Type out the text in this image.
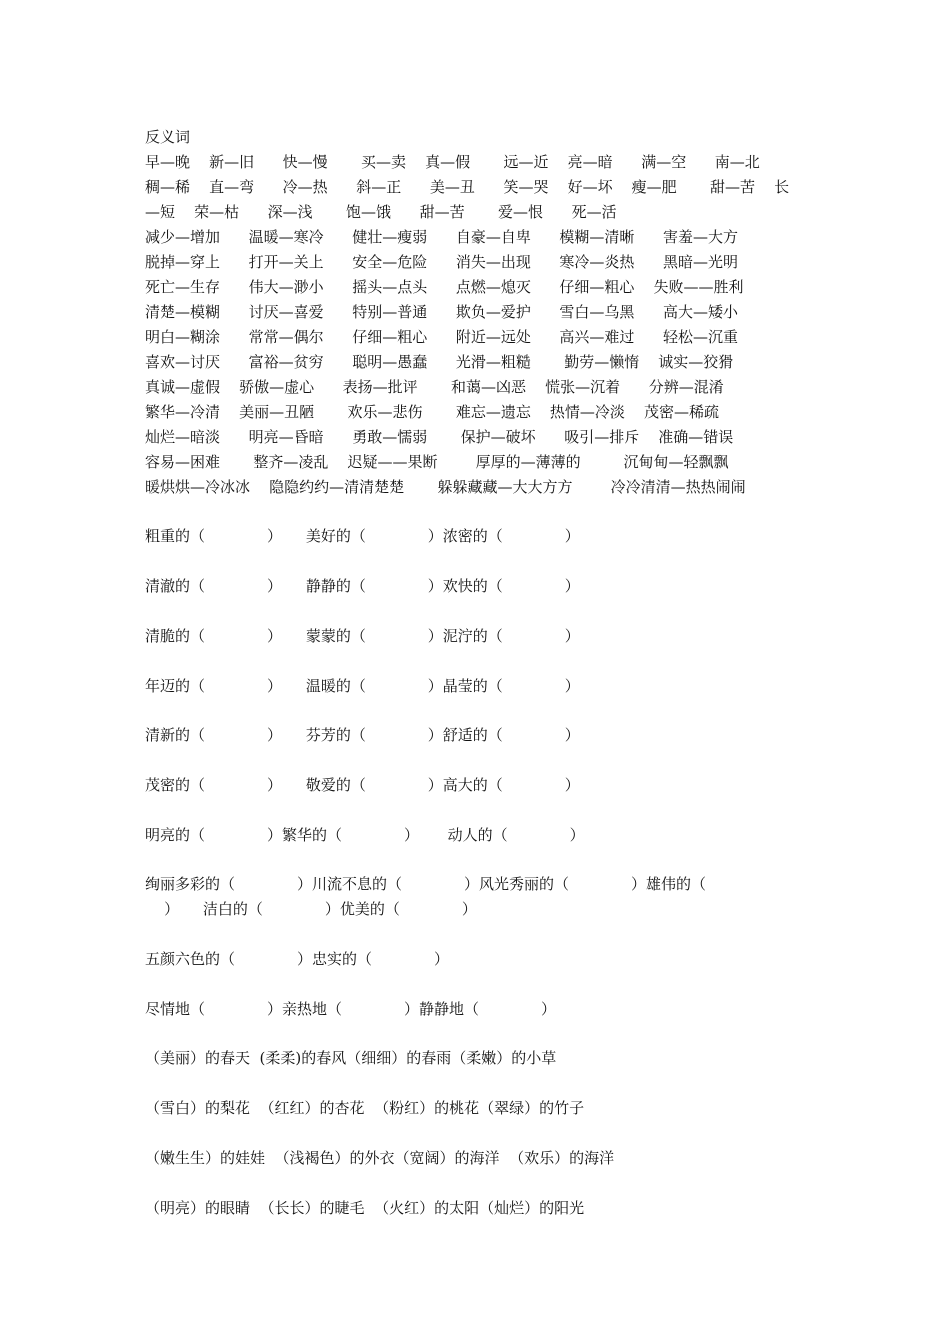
反义词
早—晚    新—旧      快—慢       买—卖    真—假       远—近    亮—暗      满—空      南—北
稠—稀    直—弯      冷—热      斜—正      美—丑      笑—哭    好—坏    瘦—肥       甜—苦    长
—短    荣—枯      深—浅       饱—饿      甜—苦       爱—恨      死—活
减少—增加      温暖—寒冷      健壮—瘦弱      自豪—自卑      模糊—清晰      害羞—大方
脱掉—穿上      打开—关上      安全—危险      消失—出现      寒冷—炎热      黑暗—光明
死亡—生存      伟大—渺小      摇头—点头      点燃—熄灭      仔细—粗心    失败——胜利
清楚—模糊      讨厌—喜爱      特别—普通      欺负—爱护      雪白—乌黑      高大—矮小
明白—糊涂      常常—偶尔      仔细—粗心      附近—远处      高兴—难过      轻松—沉重
喜欢—讨厌      富裕—贫穷      聪明—愚蠢      光滑—粗糙       勤劳—懒惰    诚实—狡猾
真诚—虚假    骄傲—虚心      表扬—批评       和蔼—凶恶    慌张—沉着      分辨—混淆
繁华—冷清    美丽—丑陋       欢乐—悲伤       难忘—遗忘    热情—冷淡    茂密—稀疏
灿烂—暗淡      明亮—昏暗      勇敢—懦弱       保护—破坏      吸引—排斥    准确—错误
容易—困难       整齐—凌乱    迟疑——果断        厚厚的—薄薄的         沉甸甸—轻飘飘
暖烘烘—冷冰冰    隐隐约约—清清楚楚       躲躲藏藏—大大方方        冷冷清清—热热闹闹
粗重的（             ）     美好的（             ）浓密的（             ）
清澈的（             ）     静静的（             ）欢快的（             ）
清脆的（             ）     蒙蒙的（             ）泥泞的（             ）
年迈的（             ）     温暖的（             ）晶莹的（             ）
清新的（             ）     芬芳的（             ）舒适的（             ）
茂密的（             ）     敬爱的（             ）高大的（             ）
明亮的（             ）繁华的（             ）      动人的（             ）
绚丽多彩的（             ）川流不息的（             ）风光秀丽的（             ）雄伟的（
）     洁白的（             ）优美的（             ）
五颜六色的（             ）忠实的（             ）
尽情地（             ）亲热地（             ）静静地（             ）
（美丽）的春天  (柔柔)的春风（细细）的春雨（柔嫩）的小草
（雪白）的梨花  （红红）的杏花  （粉红）的桃花（翠绿）的竹子
（嫩生生）的娃娃  （浅褐色）的外衣（宽阔）的海洋  （欢乐）的海洋
（明亮）的眼睛  （长长）的睫毛  （火红）的太阳（灿烂）的阳光
